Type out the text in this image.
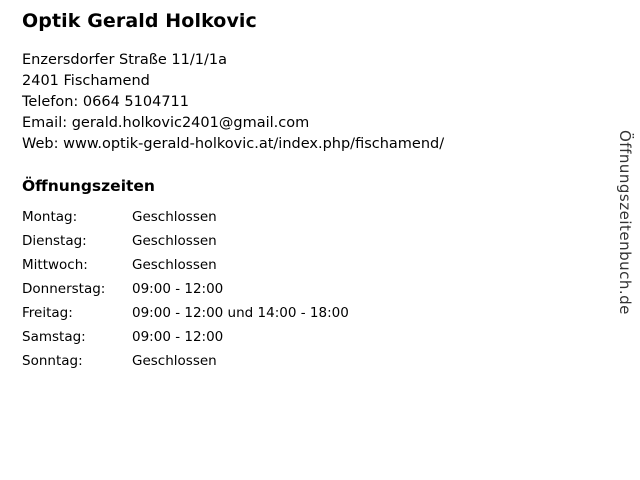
Optik Gerald Holkovic
Enzersdorfer Straße 11/1/1a
2401 Fischamend
Telefon: 0664 5104711
Email: gerald.holkovic2401@gmail.com
Web: www.optik-gerald-holkovic.at/index.php/fischamend/
Öffnungszeiten
Montag:	Geschlossen
Dienstag:	Geschlossen
Mittwoch:	Geschlossen
Donnerstag:	09:00 - 12:00
Freitag:	09:00 - 12:00 und 14:00 - 18:00
Samstag:	09:00 - 12:00
Sonntag:	Geschlossen
Öffnungszeitenbuch.de
